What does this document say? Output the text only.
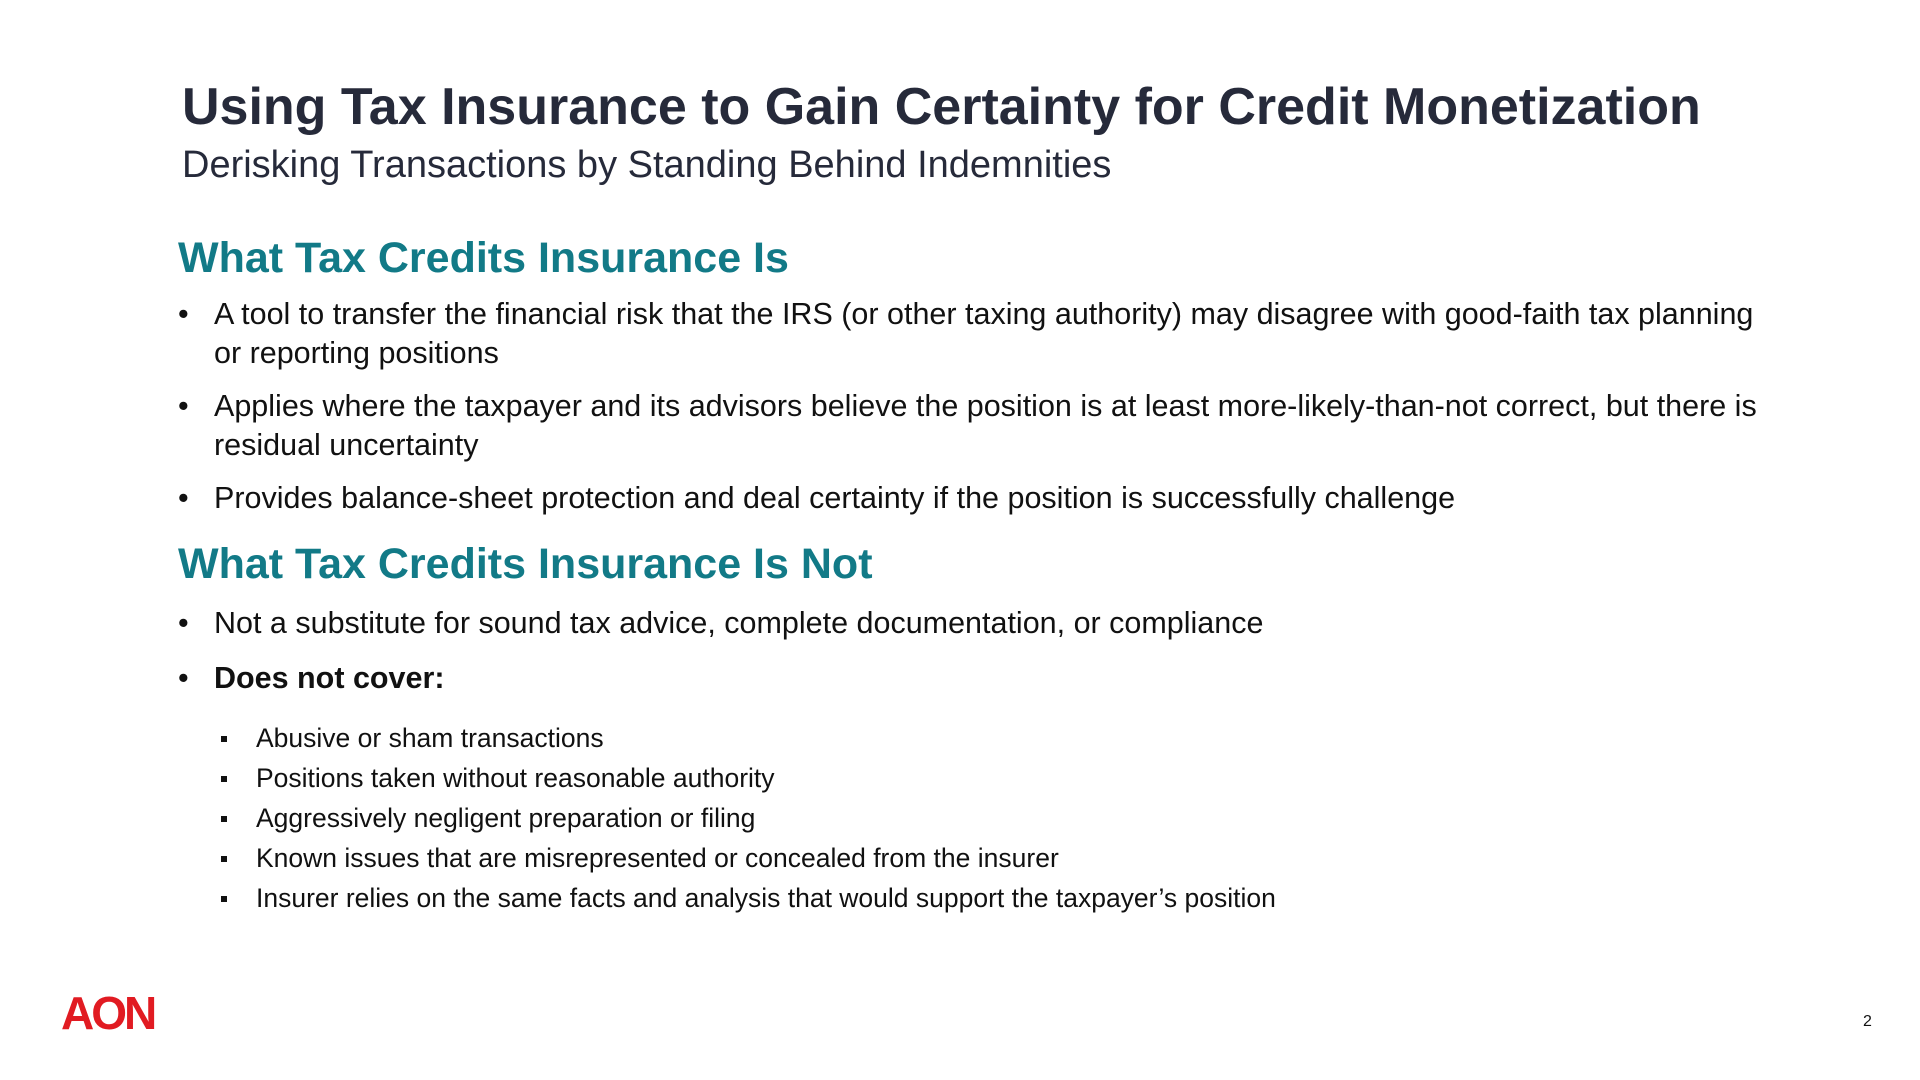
Using Tax Insurance to Gain Certainty for Credit Monetization
Derisking Transactions by Standing Behind Indemnities
What Tax Credits Insurance Is
• A tool to transfer the financial risk that the IRS (or other taxing authority) may disagree with good-faith tax planning or reporting positions
• Applies where the taxpayer and its advisors believe the position is at least more-likely-than-not correct, but there is residual uncertainty
• Provides balance-sheet protection and deal certainty if the position is successfully challenge
What Tax Credits Insurance Is Not
• Not a substitute for sound tax advice, complete documentation, or compliance
• Does not cover:
Abusive or sham transactions
Positions taken without reasonable authority
Aggressively negligent preparation or filing
Known issues that are misrepresented or concealed from the insurer
Insurer relies on the same facts and analysis that would support the taxpayer’s position
AON	2
